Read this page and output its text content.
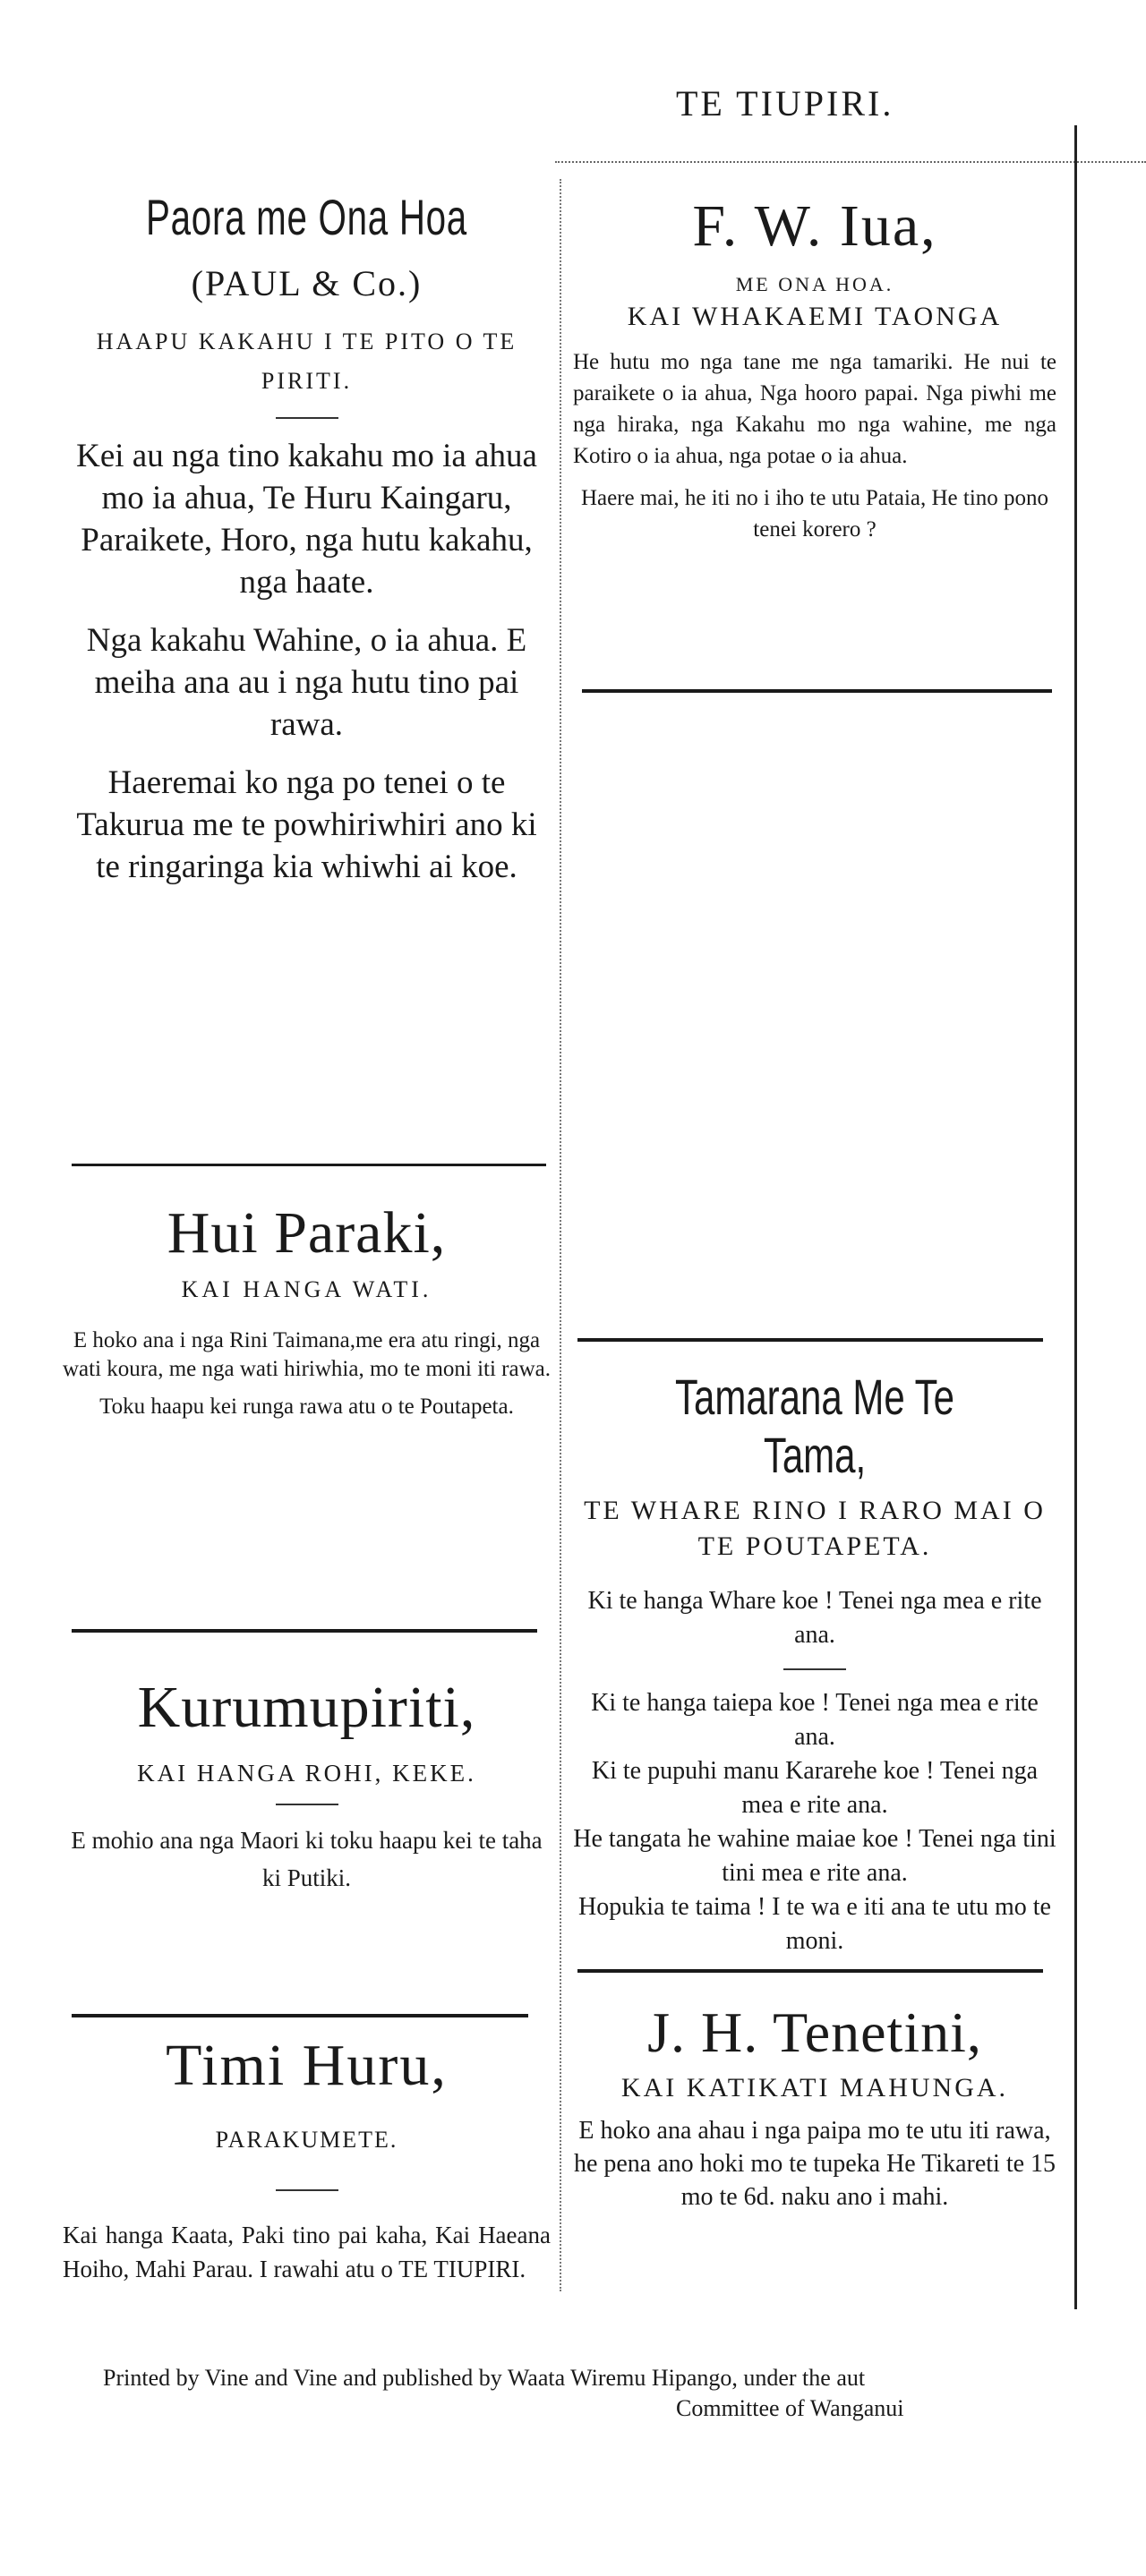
TE TIUPIRI.
Paora me Ona Hoa
(PAUL & Co.)
HAAPU KAKAHU I TE PITO O TE PIRITI.

Kei au nga tino kakahu mo ia ahua mo ia ahua, Te Huru Kaingaru, Paraikete, Horo, nga hutu kakahu, nga haate.

Nga kakahu Wahine, o ia ahua. E meiha ana au i nga hutu tino pai rawa.

Haeremai ko nga po tenei o te Takurua me te powhiriwhiri ano ki te ringaringa kia whiwhi ai koe.

Hui Paraki,
KAI HANGA WATI.

E hoko ana i nga Rini Taimana,me era atu ringi, nga wati koura, me nga wati hiriwhia, mo te moni iti rawa.

Toku haapu kei runga rawa atu o te Poutapeta.

Kurumupiriti,
KAI HANGA ROHI, KEKE.
E mohio ana nga Maori ki toku haapu kei te taha ki Putiki.
Timi Huru,
PARAKUMETE.
Kai hanga Kaata, Paki tino pai kaha, Kai Haeana Hoiho, Mahi Parau. I rawahi atu o TE TIUPIRI.
F. W. Iua,
ME ONA HOA.
KAI WHAKAEMI TAONGA

He hutu mo nga tane me nga tamariki. He nui te paraikete o ia ahua, Nga hooro papai. Nga piwhi me nga hiraka, nga Kakahu mo nga wahine, me nga Kotiro o ia ahua, nga potae o ia ahua.

Haere mai, he iti no i iho te utu Pataia, He tino pono tenei korero ?

Tamarana Me Te Tama,
TE WHARE RINO I RARO MAI O TE POUTAPETA.

Ki te hanga Whare koe ! Tenei nga mea e rite ana.

Ki te hanga taiepa koe ! Tenei nga mea e rite ana.

Ki te pupuhi manu Kararehe koe ! Tenei nga mea e rite ana.

He tangata he wahine maiae koe ! Tenei nga tini tini mea e rite ana.

Hopukia te taima ! I te wa e iti ana te utu mo te moni.

J. H. Tenetini,
KAI KATIKATI MAHUNGA.
E hoko ana ahau i nga paipa mo te utu iti rawa, he pena ano hoki mo te tupeka He Tikareti te 15 mo te 6d. naku ano i mahi.
Printed by Vine and Vine and published by Waata Wiremu Hipango, under the aut
Committee of Wanganui
